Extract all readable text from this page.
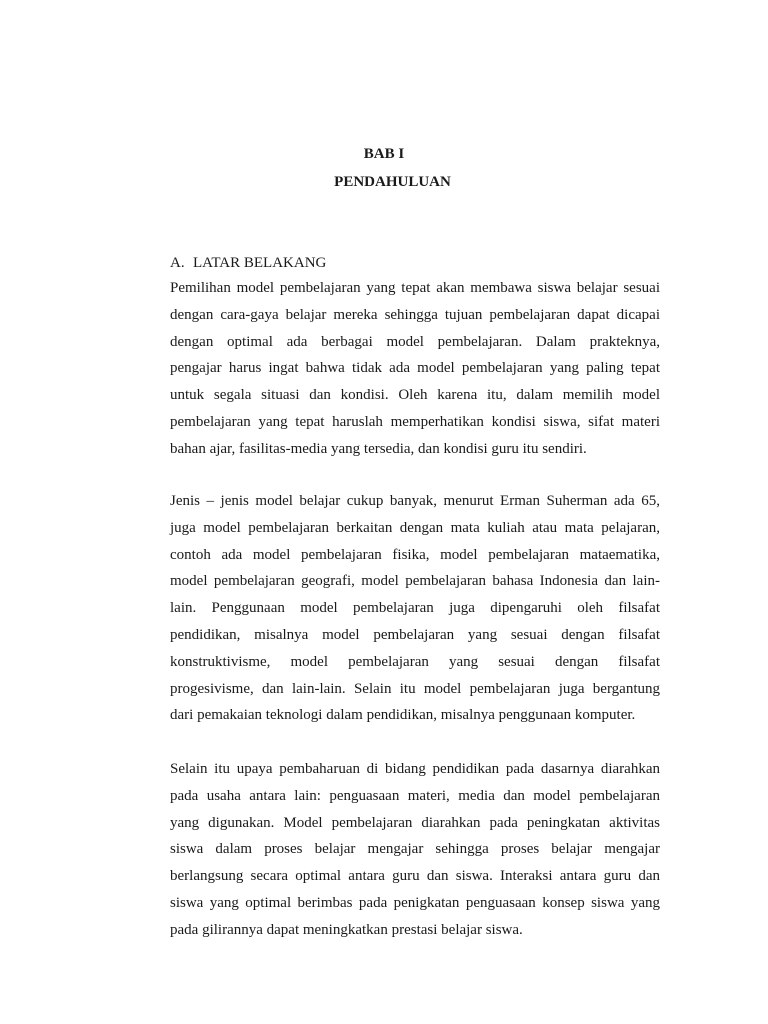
BAB I
PENDAHULUAN
A. LATAR BELAKANG
Pemilihan model pembelajaran yang tepat akan membawa siswa belajar sesuai
dengan cara-gaya belajar mereka sehingga tujuan pembelajaran dapat dicapai
dengan optimal ada berbagai model pembelajaran. Dalam prakteknya,
pengajar harus ingat bahwa tidak ada model pembelajaran yang paling tepat
untuk segala situasi dan kondisi. Oleh karena itu, dalam memilih model
pembelajaran yang tepat haruslah memperhatikan kondisi siswa, sifat materi
bahan ajar, fasilitas-media yang tersedia, dan kondisi guru itu sendiri.
Jenis – jenis model belajar cukup banyak, menurut Erman Suherman ada 65,
juga model pembelajaran berkaitan dengan mata kuliah atau mata pelajaran,
contoh ada model pembelajaran fisika, model pembelajaran mataematika,
model pembelajaran geografi, model pembelajaran bahasa Indonesia dan lain-
lain. Penggunaan model pembelajaran juga dipengaruhi oleh filsafat
pendidikan, misalnya model pembelajaran yang sesuai dengan filsafat
konstruktivisme, model pembelajaran yang sesuai dengan filsafat
progesivisme, dan lain-lain. Selain itu model pembelajaran juga bergantung
dari pemakaian teknologi dalam pendidikan, misalnya penggunaan komputer.
Selain itu upaya pembaharuan di bidang pendidikan pada dasarnya diarahkan
pada usaha antara lain: penguasaan materi, media dan model pembelajaran
yang digunakan. Model pembelajaran diarahkan pada peningkatan aktivitas
siswa dalam proses belajar mengajar sehingga proses belajar mengajar
berlangsung secara optimal antara guru dan siswa. Interaksi antara guru dan
siswa yang optimal berimbas pada penigkatan penguasaan konsep siswa yang
pada gilirannya dapat meningkatkan prestasi belajar siswa.
